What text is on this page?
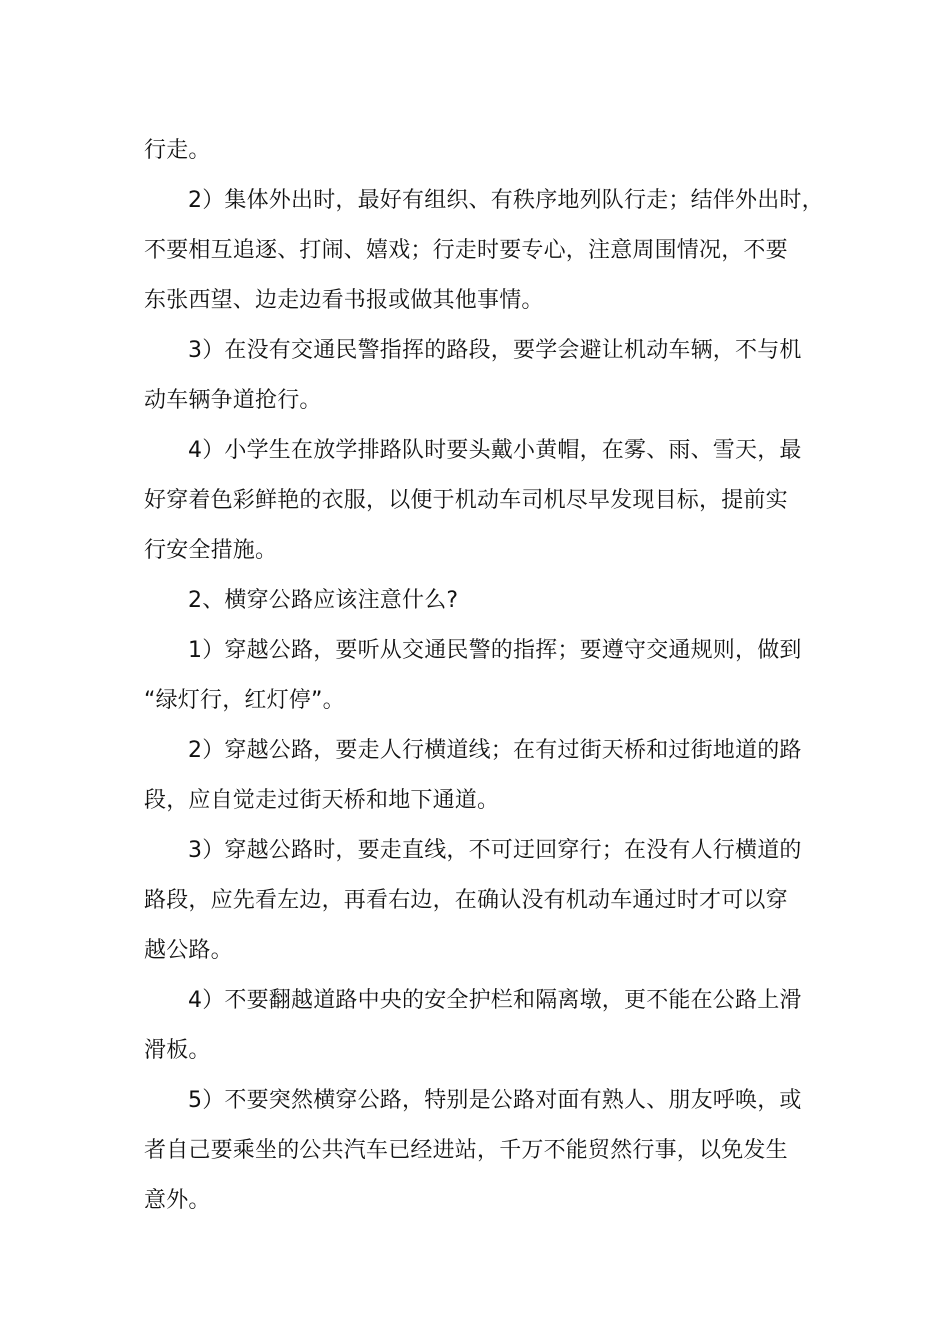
行走。
2）集体外出时，最好有组织、有秩序地列队行走；结伴外出时，
不要相互追逐、打闹、嬉戏；行走时要专心，注意周围情况，不要
东张西望、边走边看书报或做其他事情。
3）在没有交通民警指挥的路段，要学会避让机动车辆，不与机
动车辆争道抢行。
4）小学生在放学排路队时要头戴小黄帽，在雾、雨、雪天，最
好穿着色彩鲜艳的衣服，以便于机动车司机尽早发现目标，提前实
行安全措施。
2、横穿公路应该注意什么?
1）穿越公路，要听从交通民警的指挥；要遵守交通规则，做到
“绿灯行，红灯停”。
2）穿越公路，要走人行横道线；在有过街天桥和过街地道的路
段，应自觉走过街天桥和地下通道。
3）穿越公路时，要走直线，不可迂回穿行；在没有人行横道的
路段，应先看左边，再看右边，在确认没有机动车通过时才可以穿
越公路。
4）不要翻越道路中央的安全护栏和隔离墩，更不能在公路上滑
滑板。
5）不要突然横穿公路，特别是公路对面有熟人、朋友呼唤，或
者自己要乘坐的公共汽车已经进站，千万不能贸然行事，以免发生
意外。
